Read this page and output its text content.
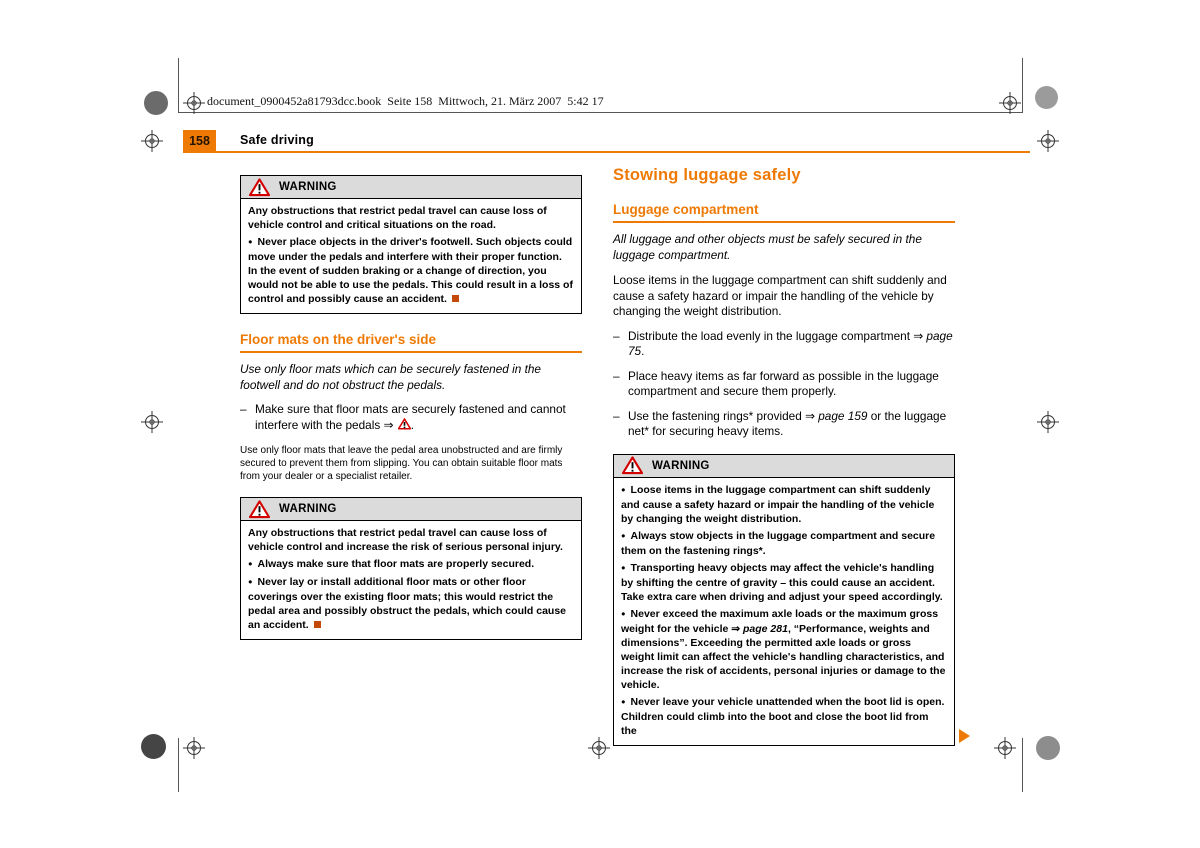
document_0900452a81793dcc.book  Seite 158  Mittwoch, 21. März 2007  5:42 17
158	Safe driving
WARNING

Any obstructions that restrict pedal travel can cause loss of vehicle control and critical situations on the road.

● Never place objects in the driver's footwell. Such objects could move under the pedals and interfere with their proper function. In the event of sudden braking or a change of direction, you would not be able to use the pedals. This could result in a loss of control and possibly cause an accident.

Floor mats on the driver's side

Use only floor mats which can be securely fastened in the footwell and do not obstruct the pedals.

– Make sure that floor mats are securely fastened and cannot interfere with the pedals ⇒ .

Use only floor mats that leave the pedal area unobstructed and are firmly secured to prevent them from slipping. You can obtain suitable floor mats from your dealer or a specialist retailer.

WARNING

Any obstructions that restrict pedal travel can cause loss of vehicle control and increase the risk of serious personal injury.

● Always make sure that floor mats are properly secured.

● Never lay or install additional floor mats or other floor coverings over the existing floor mats; this would restrict the pedal area and possibly obstruct the pedals, which could cause an accident.

Stowing luggage safely
Luggage compartment

All luggage and other objects must be safely secured in the luggage compartment.

Loose items in the luggage compartment can shift suddenly and cause a safety hazard or impair the handling of the vehicle by changing the weight distribution.

– Distribute the load evenly in the luggage compartment ⇒ page 75.
– Place heavy items as far forward as possible in the luggage compartment and secure them properly.
– Use the fastening rings* provided ⇒ page 159 or the luggage net* for securing heavy items.
WARNING

● Loose items in the luggage compartment can shift suddenly and cause a safety hazard or impair the handling of the vehicle by changing the weight distribution.

● Always stow objects in the luggage compartment and secure them on the fastening rings*.

● Transporting heavy objects may affect the vehicle's handling by shifting the centre of gravity – this could cause an accident. Take extra care when driving and adjust your speed accordingly.

● Never exceed the maximum axle loads or the maximum gross weight for the vehicle ⇒ page 281, “Performance, weights and dimensions”. Exceeding the permitted axle loads or gross weight limit can affect the vehicle's handling characteristics, and increase the risk of accidents, personal injuries or damage to the vehicle.

● Never leave your vehicle unattended when the boot lid is open. Children could climb into the boot and close the boot lid from the
